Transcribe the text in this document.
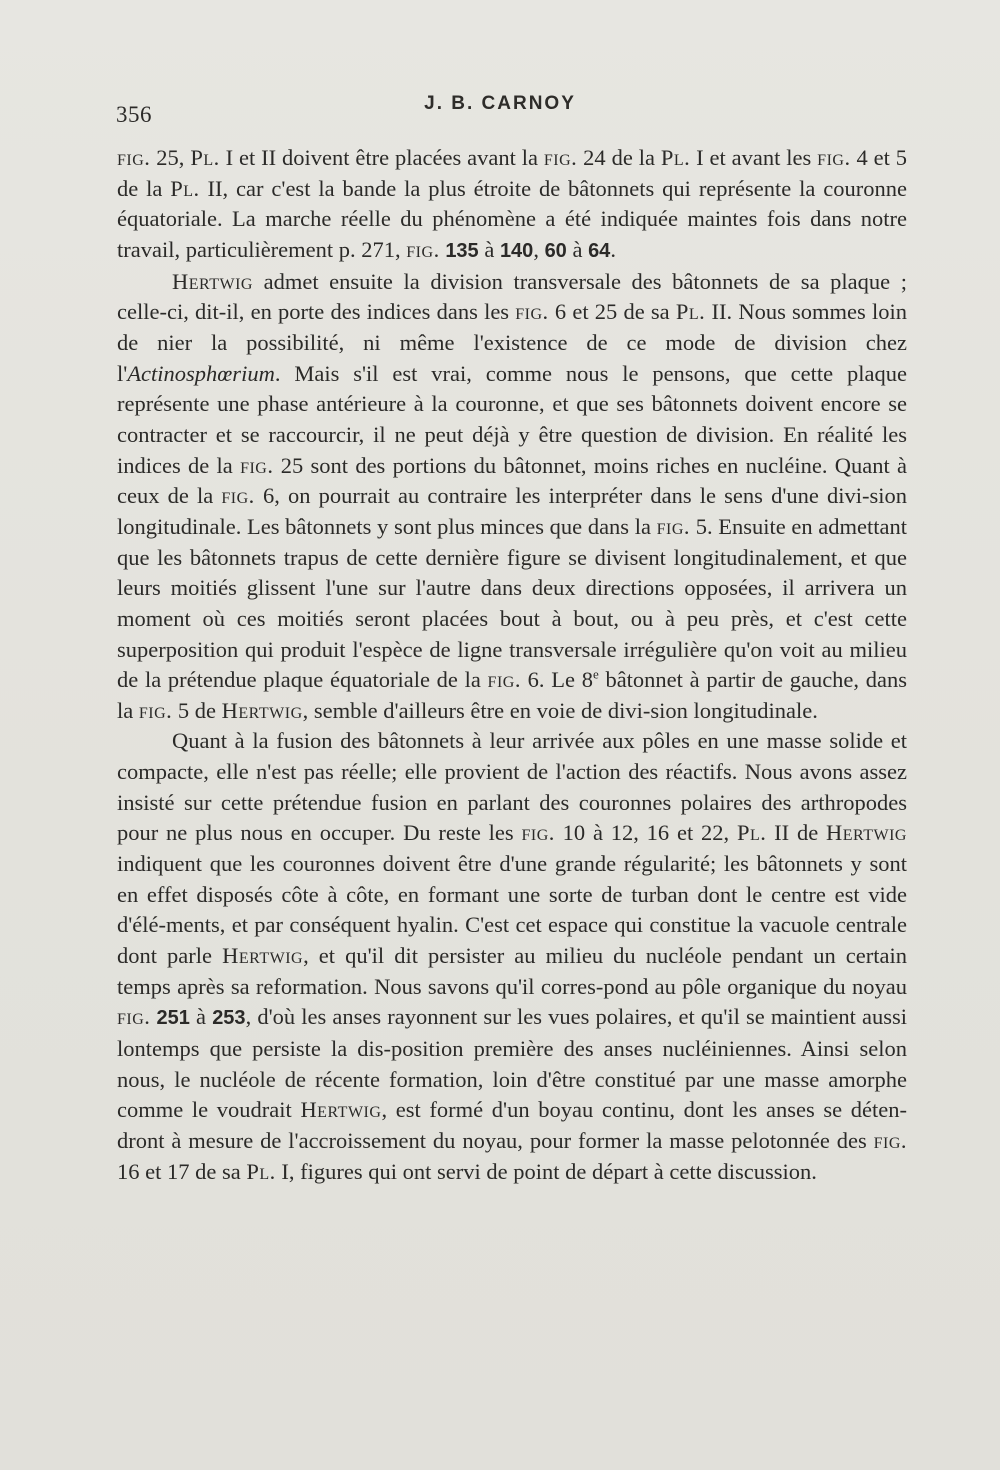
356	J. B. CARNOY

fig. 25, Pl. I et II doivent être placées avant la fig. 24 de la Pl. I et avant les fig. 4 et 5 de la Pl. II, car c'est la bande la plus étroite de bâtonnets qui représente la couronne équatoriale. La marche réelle du phénomène a été indiquée maintes fois dans notre travail, particulièrement p. 271, fig. 135 à 140, 60 à 64.

Hertwig admet ensuite la division transversale des bâtonnets de sa plaque ; celle-ci, dit-il, en porte des indices dans les fig. 6 et 25 de sa Pl. II. Nous sommes loin de nier la possibilité, ni même l'existence de ce mode de division chez l'Actinosphœrium. Mais s'il est vrai, comme nous le pensons, que cette plaque représente une phase antérieure à la couronne, et que ses bâtonnets doivent encore se contracter et se raccourcir, il ne peut déjà y être question de division. En réalité les indices de la fig. 25 sont des portions du bâtonnet, moins riches en nucléine. Quant à ceux de la fig. 6, on pourrait au contraire les interpréter dans le sens d'une divi-sion longitudinale. Les bâtonnets y sont plus minces que dans la fig. 5. Ensuite en admettant que les bâtonnets trapus de cette dernière figure se divisent longitudinalement, et que leurs moitiés glissent l'une sur l'autre dans deux directions opposées, il arrivera un moment où ces moitiés seront placées bout à bout, ou à peu près, et c'est cette superposition qui produit l'espèce de ligne transversale irrégulière qu'on voit au milieu de la prétendue plaque équatoriale de la fig. 6. Le 8e bâtonnet à partir de gauche, dans la fig. 5 de Hertwig, semble d'ailleurs être en voie de divi-sion longitudinale.

Quant à la fusion des bâtonnets à leur arrivée aux pôles en une masse solide et compacte, elle n'est pas réelle; elle provient de l'action des réactifs. Nous avons assez insisté sur cette prétendue fusion en parlant des couronnes polaires des arthropodes pour ne plus nous en occuper. Du reste les fig. 10 à 12, 16 et 22, Pl. II de Hertwig indiquent que les couronnes doivent être d'une grande régularité; les bâtonnets y sont en effet disposés côte à côte, en formant une sorte de turban dont le centre est vide d'élé-ments, et par conséquent hyalin. C'est cet espace qui constitue la vacuole centrale dont parle Hertwig, et qu'il dit persister au milieu du nucléole pendant un certain temps après sa reformation. Nous savons qu'il corres-pond au pôle organique du noyau fig. 251 à 253, d'où les anses rayonnent sur les vues polaires, et qu'il se maintient aussi lontemps que persiste la dis-position première des anses nucléiniennes. Ainsi selon nous, le nucléole de récente formation, loin d'être constitué par une masse amorphe comme le voudrait Hertwig, est formé d'un boyau continu, dont les anses se déten-dront à mesure de l'accroissement du noyau, pour former la masse pelotonnée des fig. 16 et 17 de sa Pl. I, figures qui ont servi de point de départ à cette discussion.
